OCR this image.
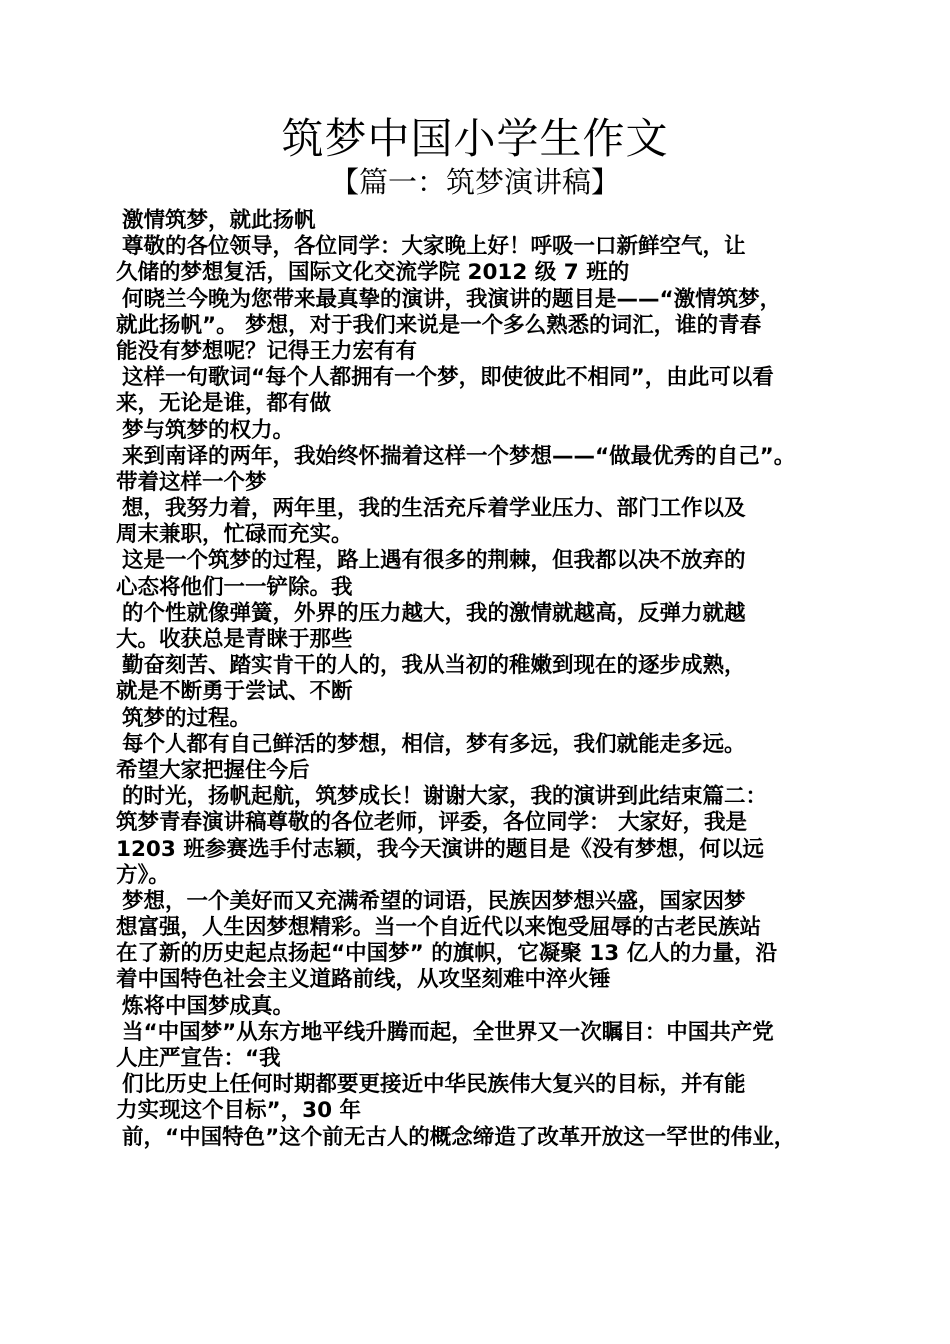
筑梦中国小学生作文
【篇一：筑梦演讲稿】
激情筑梦，就此扬帆
尊敬的各位领导，各位同学：大家晚上好！呼吸一口新鲜空气，让
久储的梦想复活，国际文化交流学院 2012 级 7 班的
何晓兰今晚为您带来最真挚的演讲，我演讲的题目是——“激情筑梦，
就此扬帆”。 梦想，对于我们来说是一个多么熟悉的词汇，谁的青春
能没有梦想呢？记得王力宏有有
这样一句歌词“每个人都拥有一个梦，即使彼此不相同”，由此可以看
来，无论是谁，都有做
梦与筑梦的权力。
来到南译的两年，我始终怀揣着这样一个梦想——“做最优秀的自己”。
带着这样一个梦
想，我努力着，两年里，我的生活充斥着学业压力、部门工作以及
周末兼职，忙碌而充实。
这是一个筑梦的过程，路上遇有很多的荆棘，但我都以决不放弃的
心态将他们一一铲除。我
的个性就像弹簧，外界的压力越大，我的激情就越高，反弹力就越
大。收获总是青睐于那些
勤奋刻苦、踏实肯干的人的，我从当初的稚嫩到现在的逐步成熟，
就是不断勇于尝试、不断
筑梦的过程。
每个人都有自己鲜活的梦想，相信，梦有多远，我们就能走多远。
希望大家把握住今后
的时光，扬帆起航，筑梦成长！谢谢大家，我的演讲到此结束篇二：
筑梦青春演讲稿尊敬的各位老师，评委，各位同学： 大家好，我是
1203 班参赛选手付志颖，我今天演讲的题目是《没有梦想，何以远
方》。
梦想，一个美好而又充满希望的词语，民族因梦想兴盛，国家因梦
想富强，人生因梦想精彩。当一个自近代以来饱受屈辱的古老民族站
在了新的历史起点扬起“中国梦” 的旗帜，它凝聚 13 亿人的力量，沿
着中国特色社会主义道路前线，从攻坚刻难中淬火锤
炼将中国梦成真。
当“中国梦”从东方地平线升腾而起，全世界又一次瞩目：中国共产党
人庄严宣告：“我
们比历史上任何时期都要更接近中华民族伟大复兴的目标，并有能
力实现这个目标”，30 年
前，“中国特色”这个前无古人的概念缔造了改革开放这一罕世的伟业，
